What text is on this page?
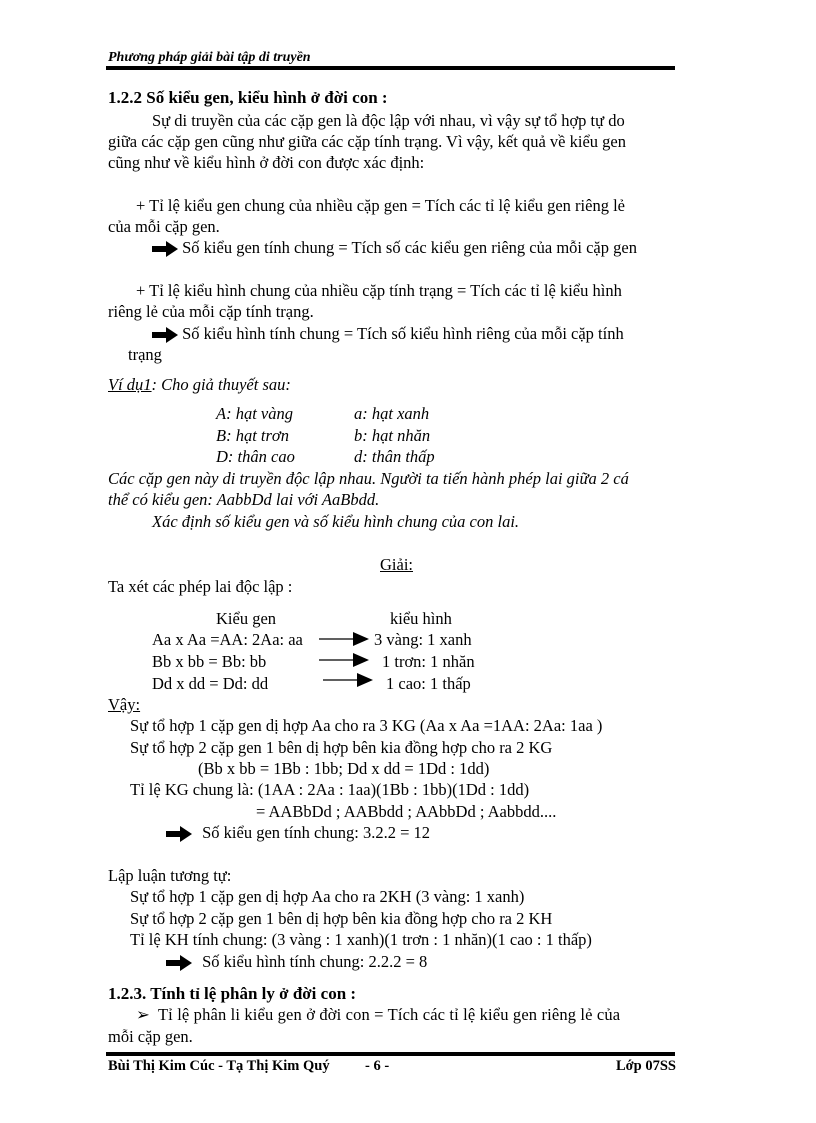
Phương pháp giải bài tập di truyền
1.2.2 Số kiểu gen, kiểu hình ở đời con :
Sự di truyền của các cặp gen là độc lập với nhau, vì vậy sự tổ hợp tự do
giữa các cặp gen cũng như giữa các cặp tính trạng. Vì vậy, kết quả về kiểu gen
cũng như về kiểu hình ở đời con được xác định:
+ Tỉ lệ kiểu gen chung của nhiều cặp gen = Tích các tỉ lệ kiểu gen riêng lẻ
của mỗi cặp gen.
Số kiểu gen tính chung = Tích số các kiểu gen riêng của mỗi cặp gen
+ Tỉ lệ kiểu hình chung của nhiều cặp tính trạng = Tích các tỉ lệ kiểu hình
riêng lẻ của mỗi cặp tính trạng.
Số kiểu hình tính chung = Tích số kiểu hình riêng của mỗi cặp tính
trạng
Ví dụ1: Cho giả thuyết sau:
A: hạt vàng	a: hạt xanh
B: hạt trơn	b: hạt nhăn
D: thân cao	d: thân thấp
Các cặp gen này di truyền độc lập nhau. Người ta tiến hành phép lai giữa 2 cá
thể có kiểu gen: AabbDd lai với AaBbdd.
Xác định số kiểu gen và số kiểu hình chung của con lai.
Giải:
Ta xét các phép lai độc lập :
Kiểu gen	kiểu hình
Aa x Aa =AA: 2Aa: aa	3 vàng: 1 xanh
Bb x bb = Bb: bb	1 trơn: 1 nhăn
Dd x dd = Dd: dd	1 cao: 1 thấp
Vậy:
Sự tổ hợp 1 cặp gen dị hợp Aa cho ra 3 KG (Aa x Aa =1AA: 2Aa: 1aa )
Sự tổ hợp 2 cặp gen 1 bên dị hợp bên kia đồng hợp cho ra 2 KG
(Bb x bb = 1Bb : 1bb; Dd x dd = 1Dd : 1dd)
Tỉ lệ KG chung là: (1AA : 2Aa : 1aa)(1Bb : 1bb)(1Dd : 1dd)
= AABbDd ; AABbdd ; AAbbDd ; Aabbdd....
Số kiểu gen tính chung: 3.2.2 = 12
Lập luận tương tự:
Sự tổ hợp 1 cặp gen dị hợp Aa cho ra 2KH (3 vàng: 1 xanh)
Sự tổ hợp 2 cặp gen 1 bên dị hợp bên kia đồng hợp cho ra 2 KH
Tỉ lệ KH tính chung: (3 vàng : 1 xanh)(1 trơn : 1 nhăn)(1 cao : 1 thấp)
Số kiểu hình tính chung: 2.2.2 = 8
1.2.3. Tính tỉ lệ phân ly ở đời con :
➢ Tỉ lệ phân li kiểu gen ở đời con = Tích các tỉ lệ kiểu gen riêng lẻ của
mỗi cặp gen.
Bùi Thị Kim Cúc - Tạ Thị Kim Quý - 6 -	Lớp 07SS
